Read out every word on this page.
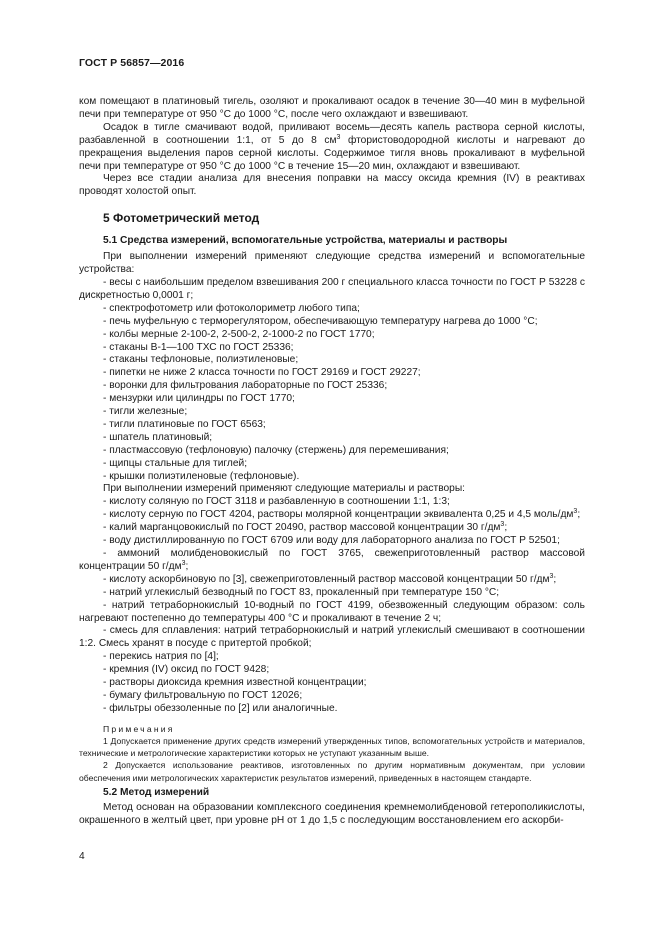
ГОСТ Р 56857—2016

ком помещают в платиновый тигель, озоляют и прокаливают осадок в течение 30—40 мин в муфельной печи при температуре от 950 °С до 1000 °С, после чего охлаждают и взвешивают.

Осадок в тигле смачивают водой, приливают восемь—десять капель раствора серной кислоты, разбавленной в соотношении 1:1, от 5 до 8 $см^3$ фтористоводородной кислоты и нагревают до прекращения выделения паров серной кислоты. Содержимое тигля вновь прокаливают в муфельной печи при температуре от 950 °С до 1000 °С в течение 15—20 мин, охлаждают и взвешивают.

Через все стадии анализа для внесения поправки на массу оксида кремния (IV) в реактивах проводят холостой опыт.

5 Фотометрический метод
5.1 Средства измерений, вспомогательные устройства, материалы и растворы

При выполнении измерений применяют следующие средства измерений и вспомогательные устройства:

- весы с наибольшим пределом взвешивания 200 г специального класса точности по ГОСТ Р 53228 с дискретностью 0,0001 г;

- спектрофотометр или фотоколориметр любого типа;

- печь муфельную с терморегулятором, обеспечивающую температуру нагрева до 1000 °С;

- колбы мерные 2-100-2, 2-500-2, 2-1000-2 по ГОСТ 1770;

- стаканы В-1—100 ТХС по ГОСТ 25336;

- стаканы тефлоновые, полиэтиленовые;

- пипетки не ниже 2 класса точности по ГОСТ 29169 и ГОСТ 29227;

- воронки для фильтрования лабораторные по ГОСТ 25336;

- мензурки или цилиндры по ГОСТ 1770;

- тигли железные;

- тигли платиновые по ГОСТ 6563;

- шпатель платиновый;

- пластмассовую (тефлоновую) палочку (стержень) для перемешивания;

- щипцы стальные для тиглей;

- крышки полиэтиленовые (тефлоновые).

При выполнении измерений применяют следующие материалы и растворы:

- кислоту соляную по ГОСТ 3118 и разбавленную в соотношении 1:1, 1:3;

- кислоту серную по ГОСТ 4204, растворы молярной концентрации эквивалента 0,25 и 4,5 моль/$дм^3$;

- калий марганцовокислый по ГОСТ 20490, раствор массовой концентрации 30 $г/дм^3$;

- воду дистиллированную по ГОСТ 6709 или воду для лабораторного анализа по ГОСТ Р 52501;

- аммоний молибденовокислый по ГОСТ 3765, свежеприготовленный раствор массовой концентрации 50 $г/дм^3$;

- кислоту аскорбиновую по [3], свежеприготовленный раствор массовой концентрации 50 $г/дм^3$;

- натрий углекислый безводный по ГОСТ 83, прокаленный при температуре 150 °С;

- натрий тетраборнокислый 10-водный по ГОСТ 4199, обезвоженный следующим образом: соль нагревают постепенно до температуры 400 °С и прокаливают в течение 2 ч;

- смесь для сплавления: натрий тетраборнокислый и натрий углекислый смешивают в соотношении 1:2. Смесь хранят в посуде с притертой пробкой;

- перекись натрия по [4];

- кремния (IV) оксид по ГОСТ 9428;

- растворы диоксида кремния известной концентрации;

- бумагу фильтровальную по ГОСТ 12026;

- фильтры обеззоленные по [2] или аналогичные.

Примечания

1 Допускается применение других средств измерений утвержденных типов, вспомогательных устройств и материалов, технические и метрологические характеристики которых не уступают указанным выше.

2 Допускается использование реактивов, изготовленных по другим нормативным документам, при условии обеспечения ими метрологических характеристик результатов измерений, приведенных в настоящем стандарте.

5.2 Метод измерений

Метод основан на образовании комплексного соединения кремнемолибденовой гетерополикислоты, окрашенного в желтый цвет, при уровне рН от 1 до 1,5 с последующим восстановлением его аскорби-

4
